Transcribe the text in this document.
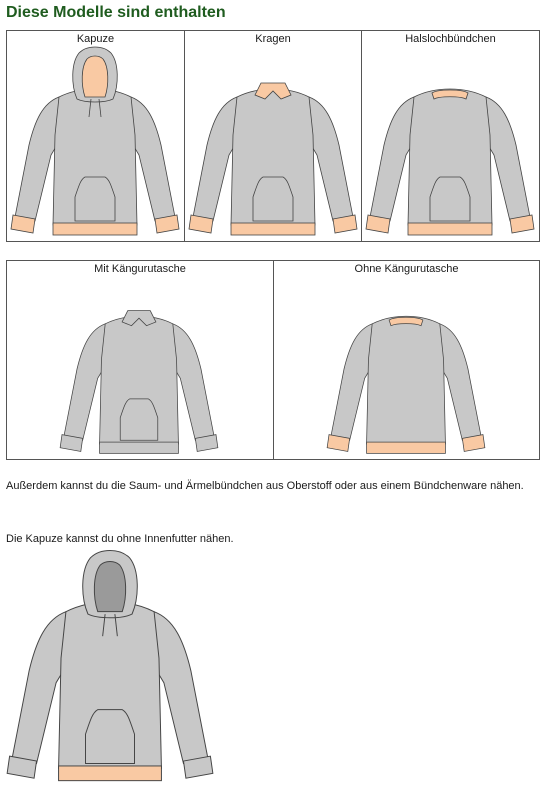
Diese Modelle sind enthalten
Kapuze	Kragen	Halslochbündchen
Mit Kängurutasche	Ohne Kängurutasche
Außerdem kannst du die Saum- und Ärmelbündchen aus Oberstoff oder aus einem Bündchenware nähen.
Die Kapuze kannst du ohne Innenfutter nähen.
